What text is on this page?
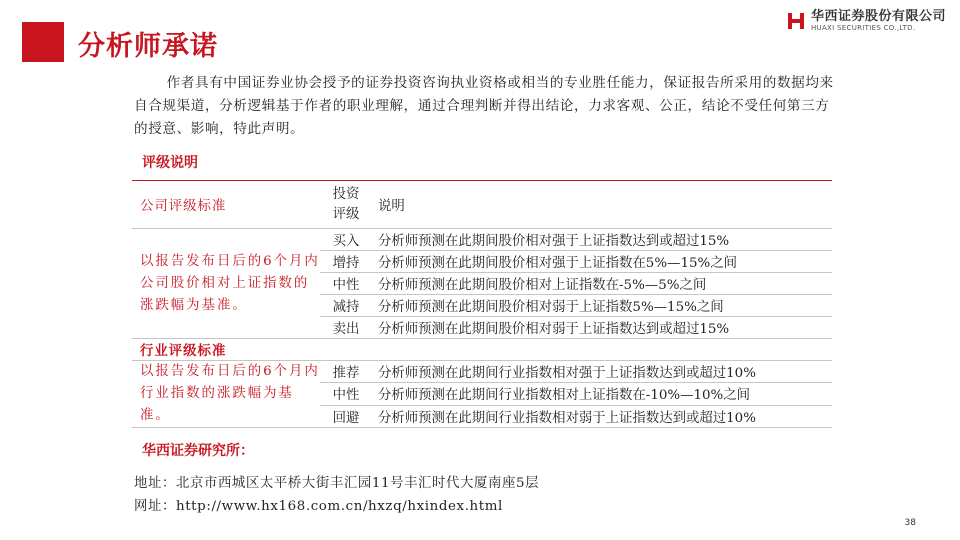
分析师承诺
华西证券股份有限公司
HUAXI SECURITIES CO.,LTD.
作者具有中国证券业协会授予的证券投资咨询执业资格或相当的专业胜任能力，保证报告所采用的数据均来自合规渠道，分析逻辑基于作者的职业理解，通过合理判断并得出结论，力求客观、公正，结论不受任何第三方的授意、影响，特此声明。
评级说明
公司评级标准	投资评级	说明
以报告发布日后的6个月内公司股价相对上证指数的涨跌幅为基准。	买入	分析师预测在此期间股价相对强于上证指数达到或超过15%
	增持	分析师预测在此期间股价相对强于上证指数在5%—15%之间
	中性	分析师预测在此期间股价相对上证指数在-5%—5%之间
	减持	分析师预测在此期间股价相对弱于上证指数5%—15%之间
	卖出	分析师预测在此期间股价相对弱于上证指数达到或超过15%
行业评级标准		
以报告发布日后的6个月内行业指数的涨跌幅为基准。	推荐	分析师预测在此期间行业指数相对强于上证指数达到或超过10%
	中性	分析师预测在此期间行业指数相对上证指数在-10%—10%之间
	回避	分析师预测在此期间行业指数相对弱于上证指数达到或超过10%
华西证券研究所：
地址：北京市西城区太平桥大街丰汇园11号丰汇时代大厦南座5层
网址：http://www.hx168.com.cn/hxzq/hxindex.html
38
